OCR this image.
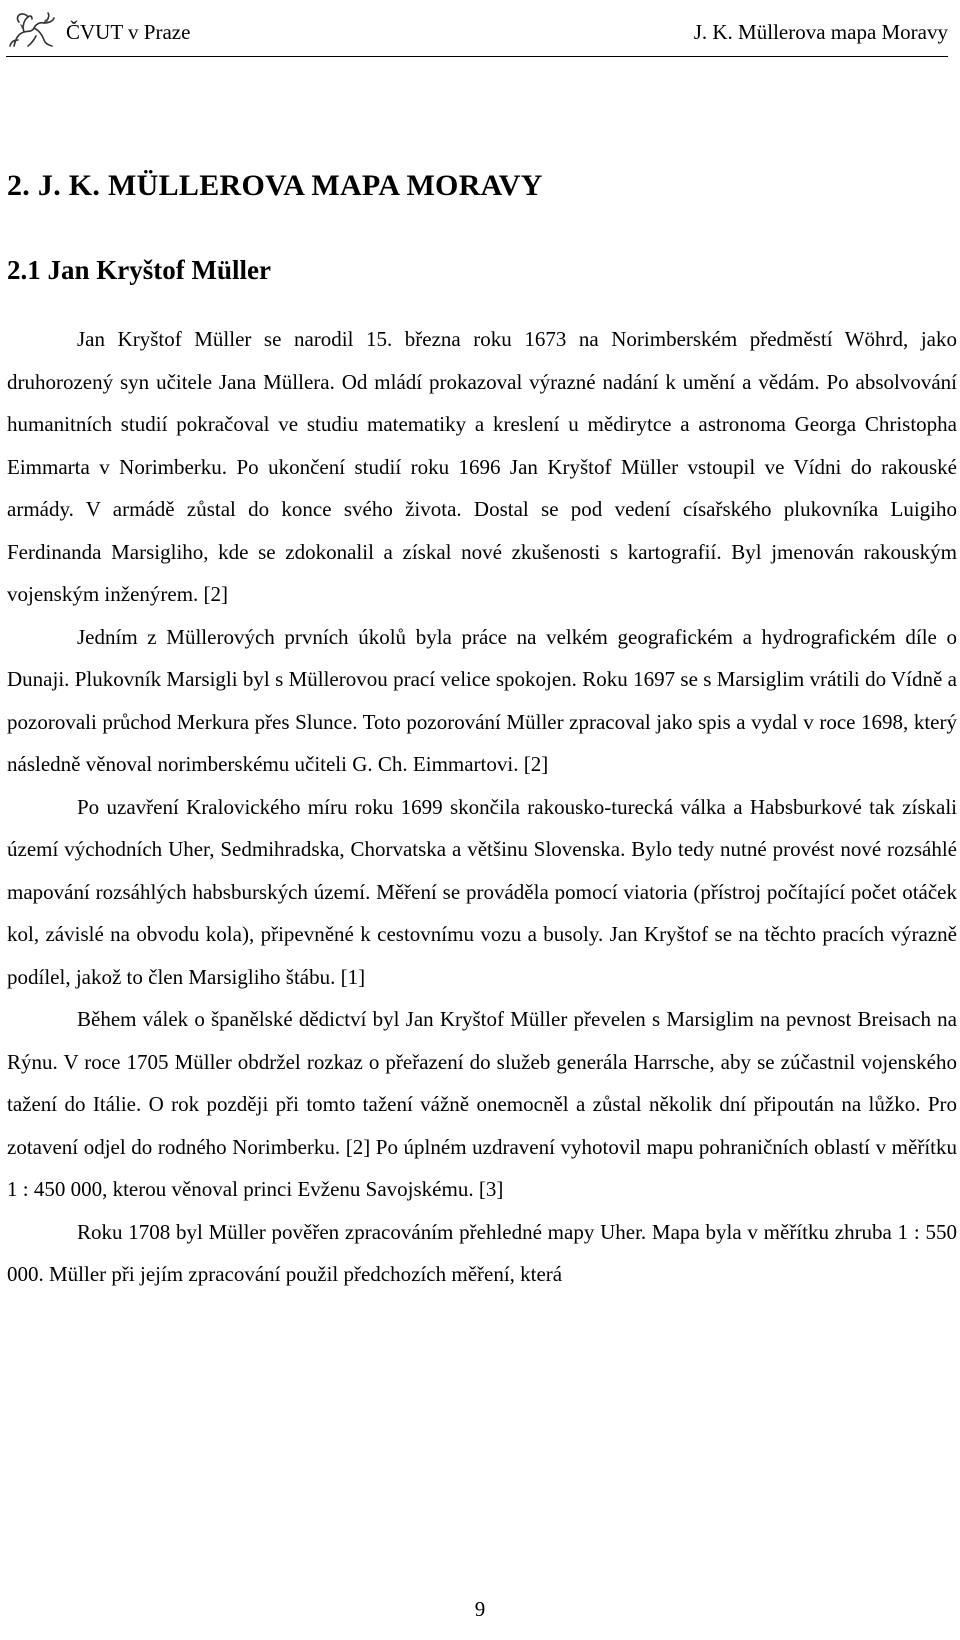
ČVUT v Praze	J. K. Müllerova mapa Moravy
2. J. K. MÜLLEROVA MAPA MORAVY
2.1 Jan Kryštof Müller

Jan Kryštof Müller se narodil 15. března roku 1673 na Norimberském předměstí Wöhrd, jako druhorozený syn učitele Jana Müllera. Od mládí prokazoval výrazné nadání k umění a vědám. Po absolvování humanitních studií pokračoval ve studiu matematiky a kreslení u mědirytce a astronoma Georga Christopha Eimmarta v Norimberku. Po ukončení studií roku 1696 Jan Kryštof Müller vstoupil ve Vídni do rakouské armády. V armádě zůstal do konce svého života. Dostal se pod vedení císařského plukovníka Luigiho Ferdinanda Marsigliho, kde se zdokonalil a získal nové zkušenosti s kartografií. Byl jmenován rakouským vojenským inženýrem. [2]

Jedním z Müllerových prvních úkolů byla práce na velkém geografickém a hydrografickém díle o Dunaji. Plukovník Marsigli byl s Müllerovou prací velice spokojen. Roku 1697 se s Marsiglim vrátili do Vídně a pozorovali průchod Merkura přes Slunce. Toto pozorování Müller zpracoval jako spis a vydal v roce 1698, který následně věnoval norimberskému učiteli G. Ch. Eimmartovi. [2]

Po uzavření Kralovického míru roku 1699 skončila rakousko-turecká válka a Habsburkové tak získali území východních Uher, Sedmihradska, Chorvatska a většinu Slovenska. Bylo tedy nutné provést nové rozsáhlé mapování rozsáhlých habsburských území. Měření se prováděla pomocí viatoria (přístroj počítající počet otáček kol, závislé na obvodu kola), připevněné k cestovnímu vozu a busoly. Jan Kryštof se na těchto pracích výrazně podílel, jakož to člen Marsigliho štábu. [1]

Během válek o španělské dědictví byl Jan Kryštof Müller převelen s Marsiglim na pevnost Breisach na Rýnu. V roce 1705 Müller obdržel rozkaz o přeřazení do služeb generála Harrsche, aby se zúčastnil vojenského tažení do Itálie. O rok později při tomto tažení vážně onemocněl a zůstal několik dní připoután na lůžko. Pro zotavení odjel do rodného Norimberku. [2] Po úplném uzdravení vyhotovil mapu pohraničních oblastí v měřítku 1 : 450 000, kterou věnoval princi Evženu Savojskému. [3]

Roku 1708 byl Müller pověřen zpracováním přehledné mapy Uher. Mapa byla v měřítku zhruba 1 : 550 000. Müller při jejím zpracování použil předchozích měření, která

9
